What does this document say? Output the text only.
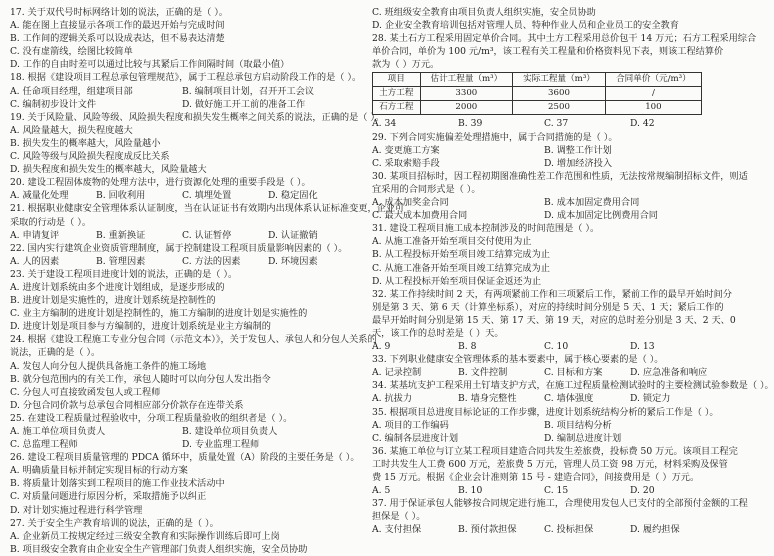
17. 关于双代号时标网络计划的说法，正确的是（ ）。
A. 能在图上直接显示各项工作的最迟开始与完成时间
B. 工作间的逻辑关系可以设成表达，但不易表达清楚
C. 没有虚箭线，绘图比较简单
D. 工作的自由时差可以通过比较与其紧后工作间隔时间（取最小值）
18. 根据《建设项目工程总承包管理规范》，属于工程总承包方启动阶段工作的是（ ）。
A. 任命项目经理，组建项目部	B. 编制项目计划，召开开工会议
C. 编制初步设计文件	D. 做好施工开工前的准备工作
19. 关于风险量、风险等级、风险损失程度和损失发生概率之间关系的说法，正确的是（ ）。
A. 风险量越大，损失程度越大
B. 损失发生的概率越大，风险量越小
C. 风险等级与风险损失程度成反比关系
D. 损失程度和损失发生的概率越大，风险量越大
20. 建设工程固体废物的处理方法中，进行资源化处理的重要手段是（ ）。
A. 减量化处理	B. 回收利用	C. 填埋处置	D. 稳定固化
21. 根据职业健康安全管理体系认证制度，当在认证证书有效期内出现体系认证标准变更，企业可
采取的行动是（ ）。
A. 申请复评	B. 重新换证	C. 认证暂停	D. 认证撤销
22. 国内实行建筑企业资质管理制度，属于控制建设工程项目质量影响因素的（ ）。
A. 人的因素	B. 管理因素	C. 方法的因素	D. 环境因素
23. 关于建设工程项目进度计划的说法，正确的是（ ）。
A. 进度计划系统由多个进度计划组成，是逐步形成的
B. 进度计划是实施性的，进度计划系统是控制性的
C. 业主方编制的进度计划是控制性的，施工方编制的进度计划是实施性的
D. 进度计划是项目参与方编制的，进度计划系统是业主方编制的
24. 根据《建设工程施工专业分包合同（示范文本）》，关于发包人、承包人和分包人关系的
说法，正确的是（ ）。
A. 发包人向分包人提供具备施工条件的施工场地
B. 就分包范围内的有关工作，承包人随时可以向分包人发出指令
C. 分包人可直接致函发包人或工程师
D. 分包合同价款与总承包合同相应部分价款存在连带关系
25. 在建设工程质量过程验收中，分项工程质量验收的组织者是（ ）。
A. 施工单位项目负责人	B. 建设单位项目负责人
C. 总监理工程师	D. 专业监理工程师
26. 建设工程项目质量管理的 PDCA 循环中，质量处置（A）阶段的主要任务是（ ）。
A. 明确质量目标并制定实现目标的行动方案
B. 将质量计划落实到工程项目的施工作业技术活动中
C. 对质量问题进行原因分析，采取措施予以纠正
D. 对计划实施过程进行科学管理
27. 关于安全生产教育培训的说法，正确的是（ ）。
A. 企业新员工按规定经过三级安全教育和实际操作训练后即可上岗
B. 项目级安全教育由企业安全生产管理部门负责人组织实施，安全员协助
C. 班组级安全教育由项目负责人组织实施，安全员协助
D. 企业安全教育培训包括对管理人员、特种作业人员和企业员工的安全教育
28. 某土石方工程采用固定单价合同。其中土方工程采用总价包干 14 万元；石方工程采用综合
单价合同，单价为 100 元/m³，该工程有关工程量和价格资料见下表，则该工程结算价
款为（ ）万元。
项目	估计工程量（m³）	实际工程量（m³）	合同单价（元/m³）
土方工程	3300	3600	/
石方工程	2000	2500	100
A. 34	B. 39	C. 37	D. 42
29. 下列合同实施偏差处理措施中，属于合同措施的是（ ）。
A. 变更施工方案	B. 调整工作计划
C. 采取索赔手段	D. 增加经济投入
30. 某项目招标时，因工程初期图准确性差工作范围和性质，无法按常规编制招标文件，则适
宜采用的合同形式是（ ）。
A. 成本加奖金合同	B. 成本加固定费用合同
C. 最大成本加费用合同	D. 成本加固定比例费用合同
31. 建设工程项目施工成本控制涉及的时间范围是（ ）。
A. 从施工准备开始至项目交付使用为止
B. 从工程投标开始至项目竣工结算完成为止
C. 从施工准备开始至项目竣工结算完成为止
D. 从工程投标开始至项目保证金返还为止
32. 某工作持续时间 2 天，有两项紧前工作和三项紧后工作，紧前工作的最早开始时间分
别是第 3 天、第 6 天（计算坐标系），对应的持续时间分别是 5 天、1 天；紧后工作的
最早开始时间分别是第 15 天、第 17 天、第 19 天，对应的总时差分别是 3 天、2 天、0
天，该工作的总时差是（ ）天。
A. 9	B. 8	C. 10	D. 13
33. 下列职业健康安全管理体系的基本要素中，属于核心要素的是（ ）。
A. 记录控制	B. 文件控制	C. 目标和方案	D. 应急准备和响应
34. 某基坑支护工程采用土钉墙支护方式，在施工过程质量检测试验时的主要检测试验参数是（ ）。
A. 抗拔力	B. 墙身完整性	C. 墙体强度	D. 锁定力
35. 根据项目总进度目标论证的工作步骤，进度计划系统结构分析的紧后工作是（ ）。
A. 项目的工作编码	B. 项目结构分析
C. 编制各层进度计划	D. 编制总进度计划
36. 某施工单位与订立某工程项目建造合同共发生差旅费，投标费 50 万元。该项目工程完
工时共发生人工费 600 万元，差旅费 5 万元，管理人员工资 98 万元，材料采购及保管
费 15 万元。根据《企业会计准则第 15 号 - 建造合同》，间接费用是（ ）万元。
A. 5	B. 10	C. 15	D. 20
37. 用于保证承包人能够按合同规定进行施工，合理使用发包人已支付的全部预付金额的工程
担保是（ ）。
A. 支付担保	B. 预付款担保	C. 投标担保	D. 履约担保
